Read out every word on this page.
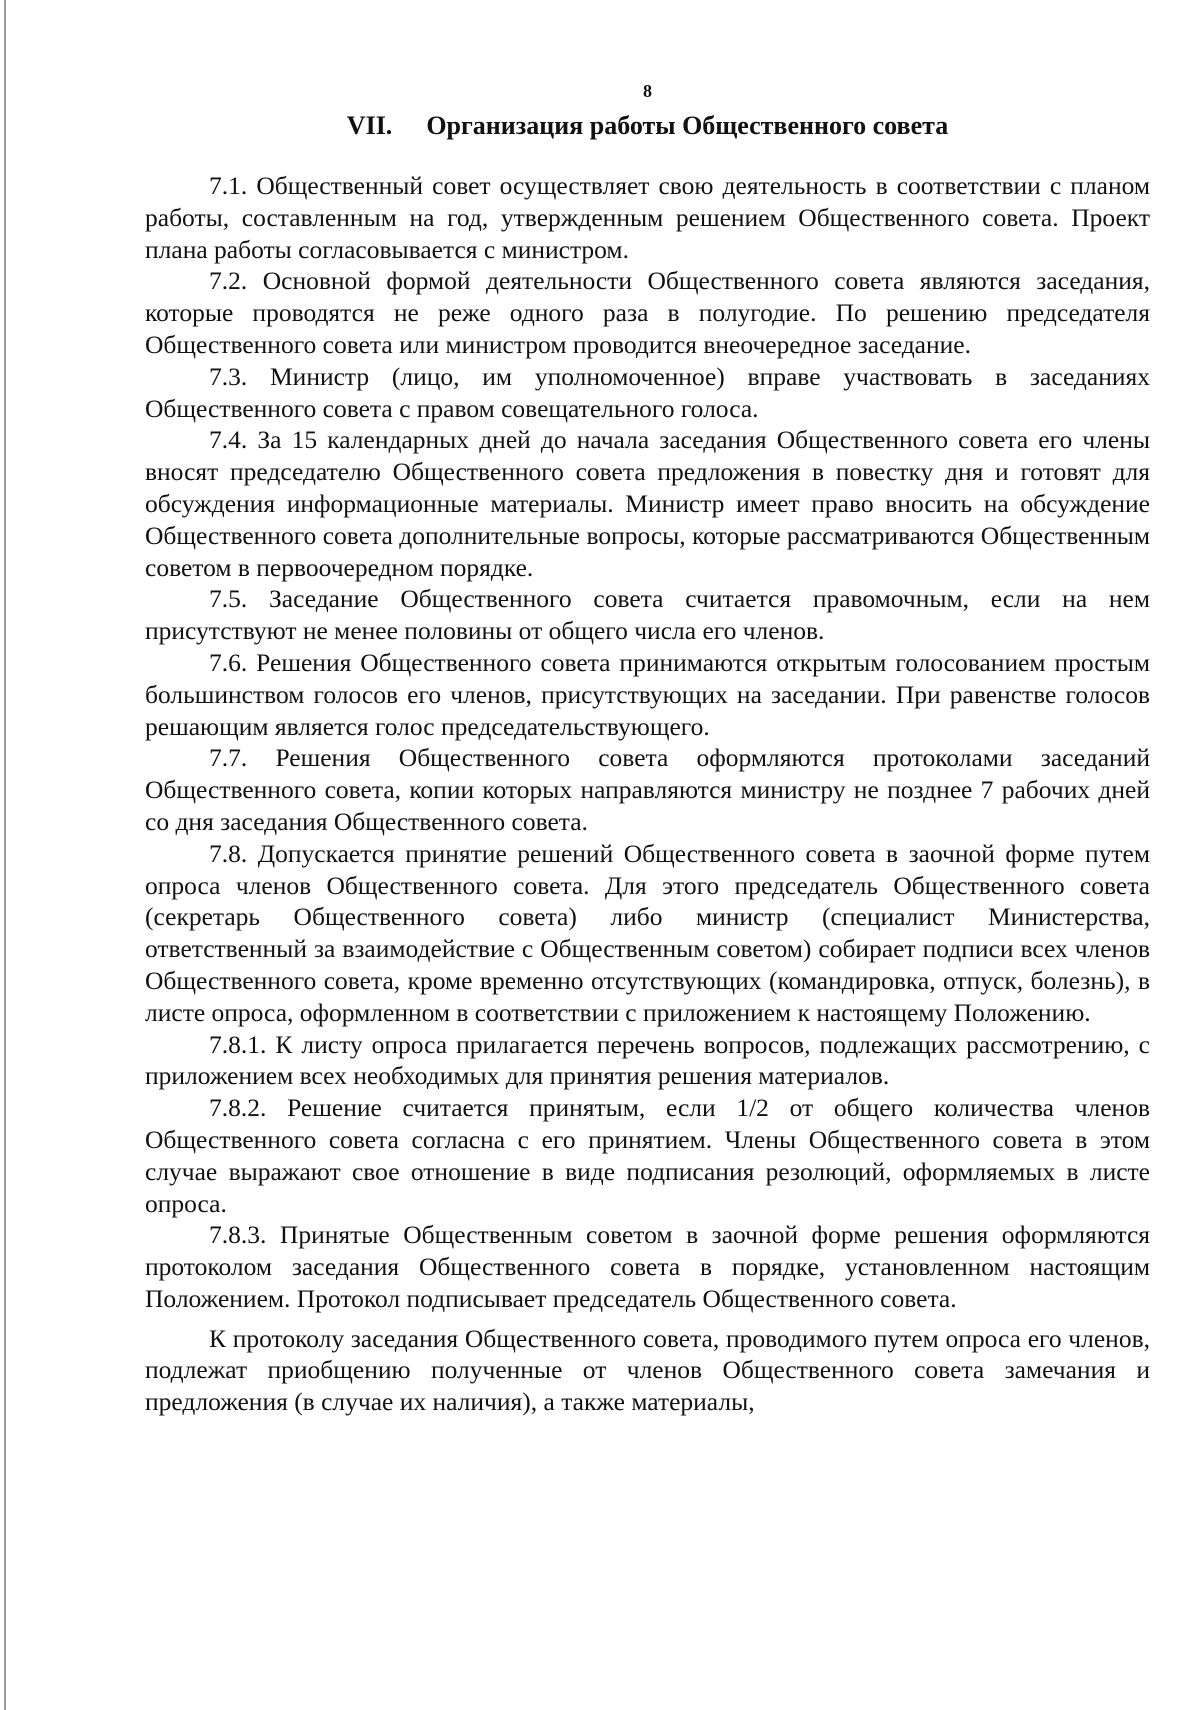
8
VII. Организация работы Общественного совета

7.1. Общественный совет осуществляет свою деятельность в соответствии с планом работы, составленным на год, утвержденным решением Общественного совета. Проект плана работы согласовывается с министром.

7.2. Основной формой деятельности Общественного совета являются заседания, которые проводятся не реже одного раза в полугодие. По решению председателя Общественного совета или министром проводится внеочередное заседание.

7.3. Министр (лицо, им уполномоченное) вправе участвовать в заседаниях Общественного совета с правом совещательного голоса.

7.4. За 15 календарных дней до начала заседания Общественного совета его члены вносят председателю Общественного совета предложения в повестку дня и готовят для обсуждения информационные материалы. Министр имеет право вносить на обсуждение Общественного совета дополнительные вопросы, которые рассматриваются Общественным советом в первоочередном порядке.

7.5. Заседание Общественного совета считается правомочным, если на нем присутствуют не менее половины от общего числа его членов.

7.6. Решения Общественного совета принимаются открытым голосованием простым большинством голосов его членов, присутствующих на заседании. При равенстве голосов решающим является голос председательствующего.

7.7. Решения Общественного совета оформляются протоколами заседаний Общественного совета, копии которых направляются министру не позднее 7 рабочих дней со дня заседания Общественного совета.

7.8. Допускается принятие решений Общественного совета в заочной форме путем опроса членов Общественного совета. Для этого председатель Общественного совета (секретарь Общественного совета) либо министр (специалист Министерства, ответственный за взаимодействие с Общественным советом) собирает подписи всех членов Общественного совета, кроме временно отсутствующих (командировка, отпуск, болезнь), в листе опроса, оформленном в соответствии с приложением к настоящему Положению.

7.8.1. К листу опроса прилагается перечень вопросов, подлежащих рассмотрению, с приложением всех необходимых для принятия решения материалов.

7.8.2. Решение считается принятым, если 1/2 от общего количества членов Общественного совета согласна с его принятием. Члены Общественного совета в этом случае выражают свое отношение в виде подписания резолюций, оформляемых в листе опроса.

7.8.3. Принятые Общественным советом в заочной форме решения оформляются протоколом заседания Общественного совета в порядке, установленном настоящим Положением. Протокол подписывает председатель Общественного совета.

К протоколу заседания Общественного совета, проводимого путем опроса его членов, подлежат приобщению полученные от членов Общественного совета замечания и предложения (в случае их наличия), а также материалы,
